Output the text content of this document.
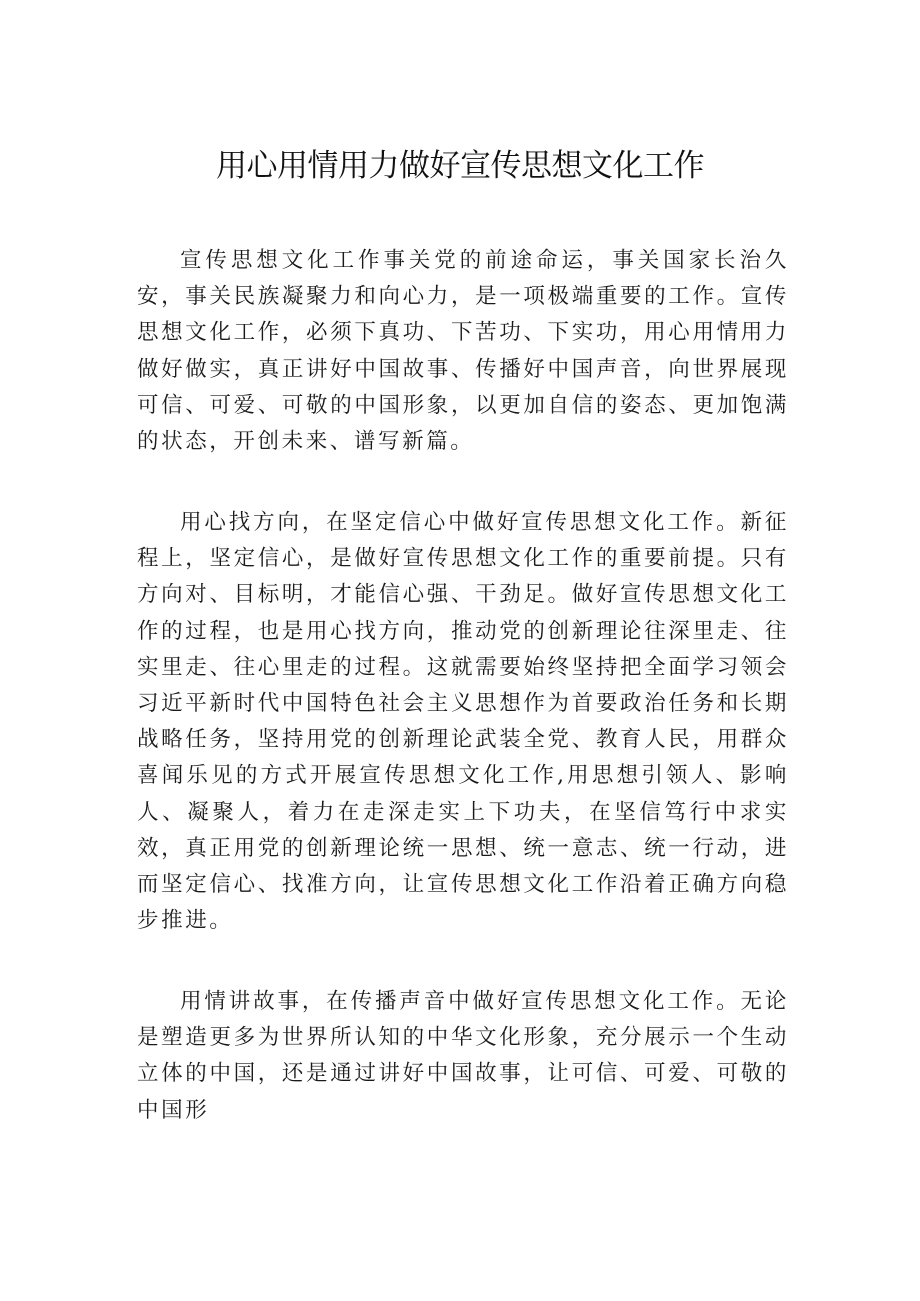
用心用情用力做好宣传思想文化工作

宣传思想文化工作事关党的前途命运，事关国家长治久安，事关民族凝聚力和向心力，是一项极端重要的工作。宣传思想文化工作，必须下真功、下苦功、下实功，用心用情用力做好做实，真正讲好中国故事、传播好中国声音，向世界展现可信、可爱、可敬的中国形象，以更加自信的姿态、更加饱满的状态，开创未来、谱写新篇。

用心找方向，在坚定信心中做好宣传思想文化工作。新征程上，坚定信心，是做好宣传思想文化工作的重要前提。只有方向对、目标明，才能信心强、干劲足。做好宣传思想文化工作的过程，也是用心找方向，推动党的创新理论往深里走、往实里走、往心里走的过程。这就需要始终坚持把全面学习领会习近平新时代中国特色社会主义思想作为首要政治任务和长期战略任务，坚持用党的创新理论武装全党、教育人民，用群众喜闻乐见的方式开展宣传思想文化工作,用思想引领人、影响人、凝聚人，着力在走深走实上下功夫，在坚信笃行中求实效，真正用党的创新理论统一思想、统一意志、统一行动，进而坚定信心、找准方向，让宣传思想文化工作沿着正确方向稳步推进。

用情讲故事，在传播声音中做好宣传思想文化工作。无论是塑造更多为世界所认知的中华文化形象，充分展示一个生动立体的中国，还是通过讲好中国故事，让可信、可爱、可敬的中国形
